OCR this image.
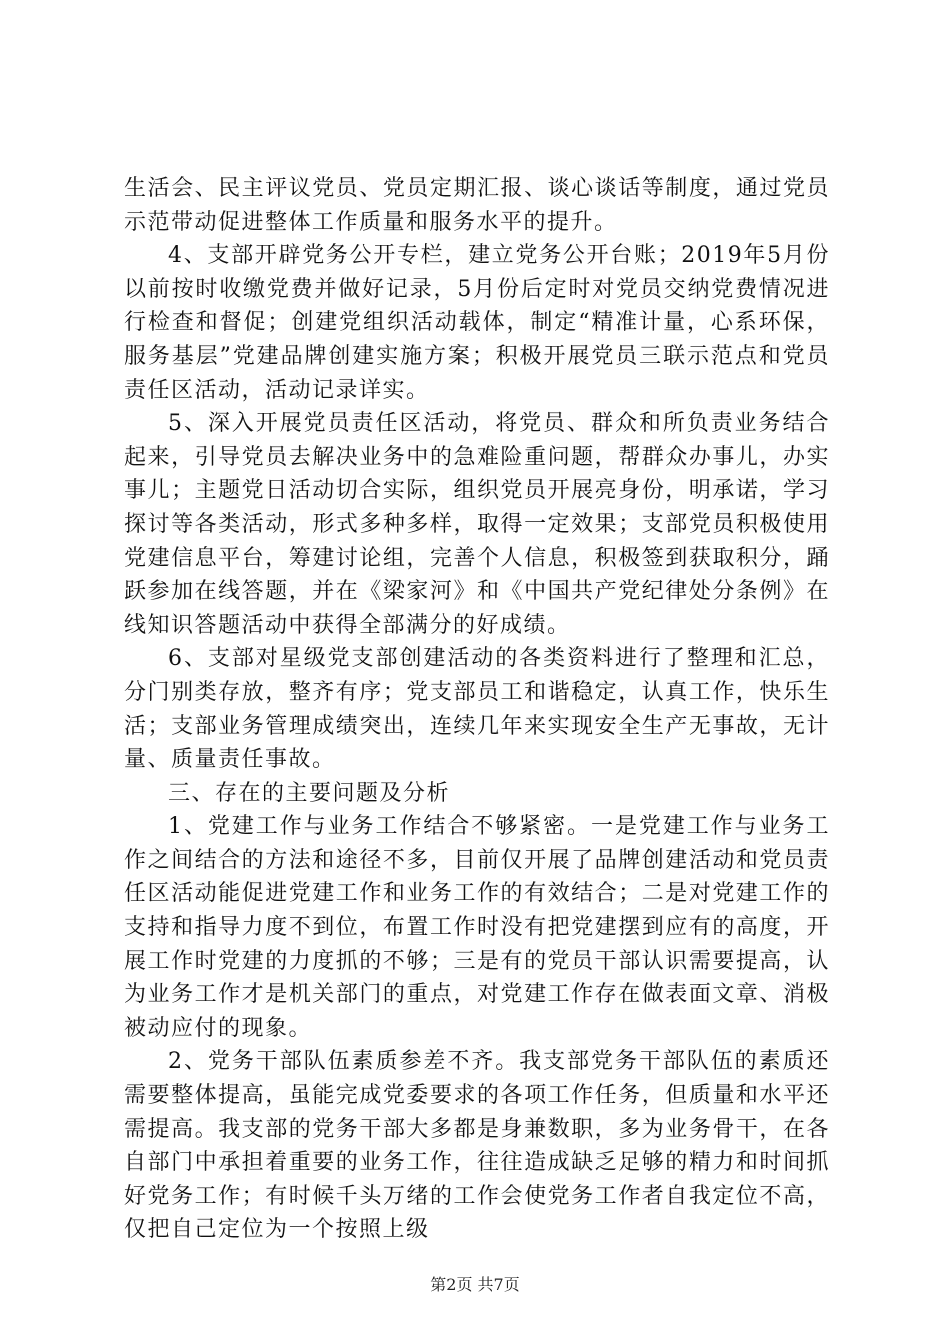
生活会、民主评议党员、党员定期汇报、谈心谈话等制度，通过党员示范带动促进整体工作质量和服务水平的提升。

4、支部开辟党务公开专栏，建立党务公开台账；2019年5月份以前按时收缴党费并做好记录，5月份后定时对党员交纳党费情况进行检查和督促；创建党组织活动载体，制定“精准计量，心系环保，服务基层”党建品牌创建实施方案；积极开展党员三联示范点和党员责任区活动，活动记录详实。

5、深入开展党员责任区活动，将党员、群众和所负责业务结合起来，引导党员去解决业务中的急难险重问题，帮群众办事儿，办实事儿；主题党日活动切合实际，组织党员开展亮身份，明承诺，学习探讨等各类活动，形式多种多样，取得一定效果；支部党员积极使用党建信息平台，筹建讨论组，完善个人信息，积极签到获取积分，踊跃参加在线答题，并在《梁家河》和《中国共产党纪律处分条例》在线知识答题活动中获得全部满分的好成绩。

6、支部对星级党支部创建活动的各类资料进行了整理和汇总，分门别类存放，整齐有序；党支部员工和谐稳定，认真工作，快乐生活；支部业务管理成绩突出，连续几年来实现安全生产无事故，无计量、质量责任事故。

三、存在的主要问题及分析

1、党建工作与业务工作结合不够紧密。一是党建工作与业务工作之间结合的方法和途径不多，目前仅开展了品牌创建活动和党员责任区活动能促进党建工作和业务工作的有效结合；二是对党建工作的支持和指导力度不到位，布置工作时没有把党建摆到应有的高度，开展工作时党建的力度抓的不够；三是有的党员干部认识需要提高，认为业务工作才是机关部门的重点，对党建工作存在做表面文章、消极被动应付的现象。

2、党务干部队伍素质参差不齐。我支部党务干部队伍的素质还需要整体提高，虽能完成党委要求的各项工作任务，但质量和水平还需提高。我支部的党务干部大多都是身兼数职，多为业务骨干，在各自部门中承担着重要的业务工作，往往造成缺乏足够的精力和时间抓好党务工作；有时候千头万绪的工作会使党务工作者自我定位不高，仅把自己定位为一个按照上级

第2页 共7页
